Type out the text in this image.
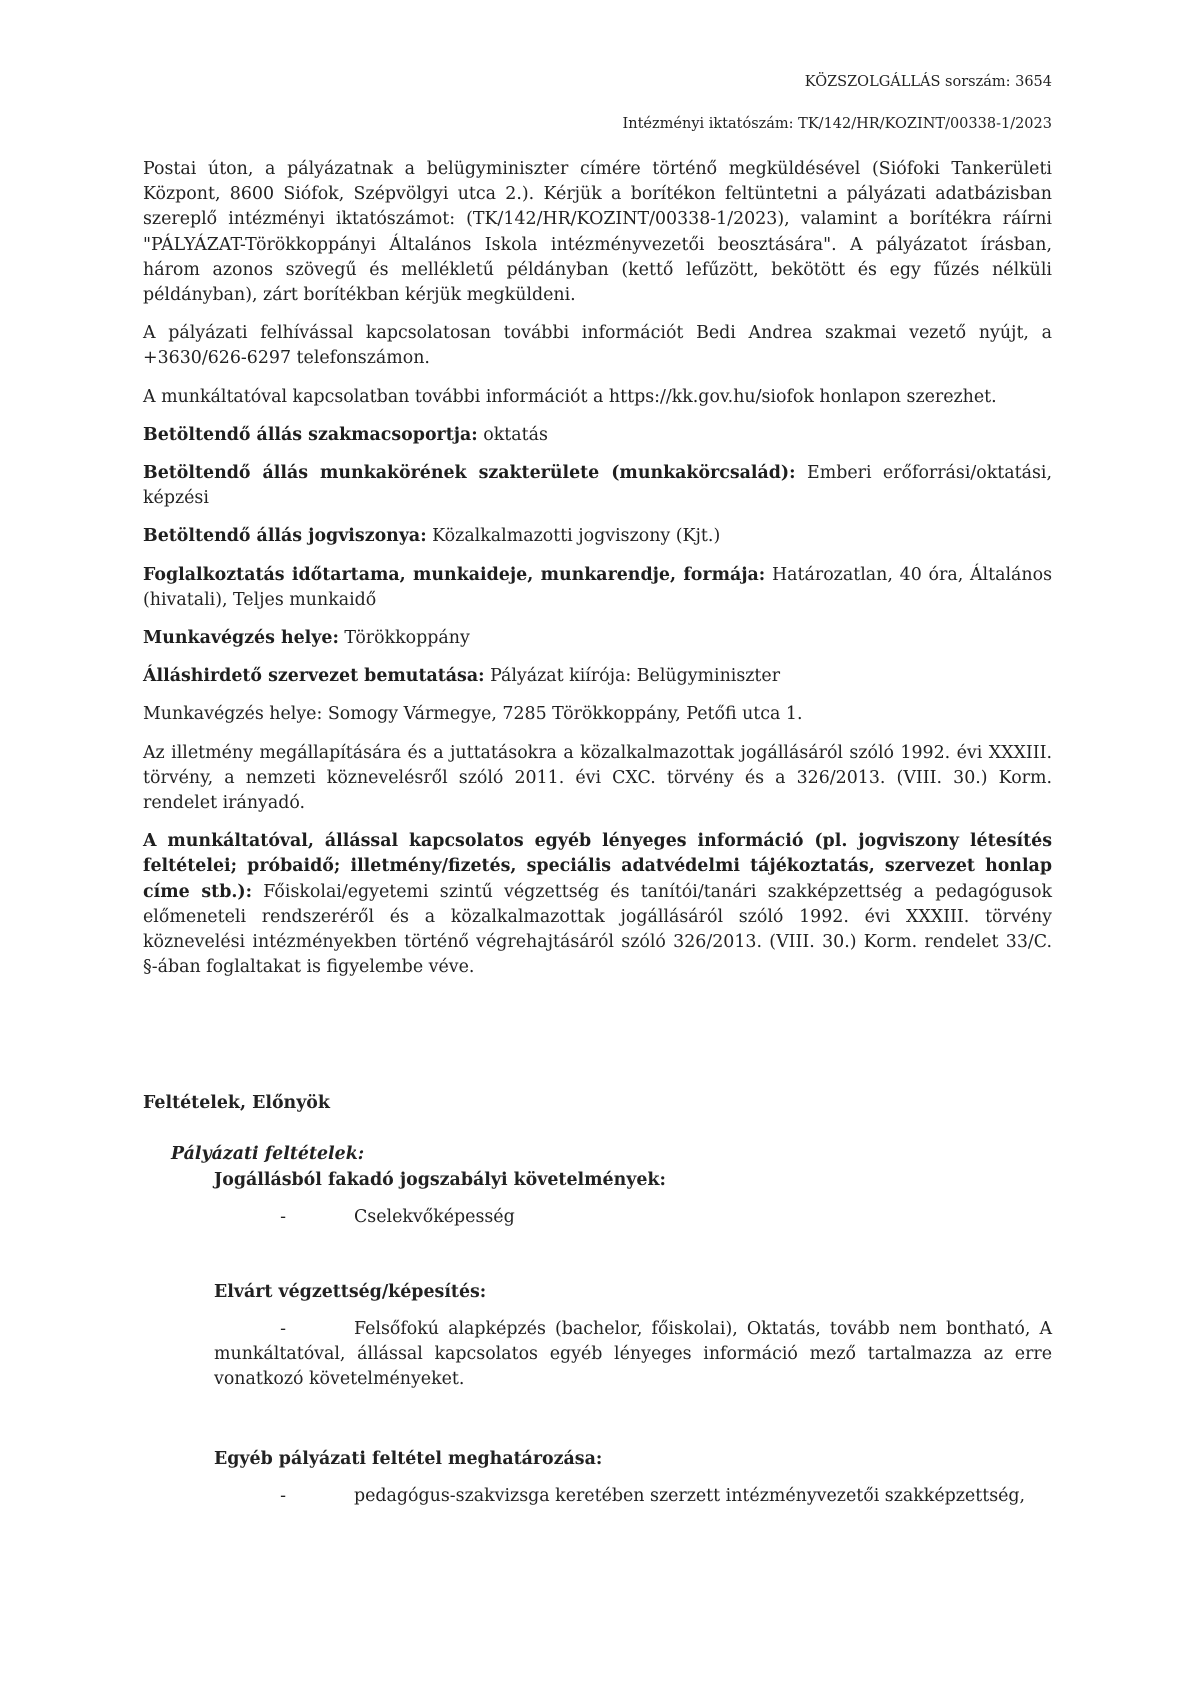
KÖZSZOLGÁLLÁS sorszám: 3654

Intézményi iktatószám: TK/142/HR/KOZINT/00338-1/2023

Postai úton, a pályázatnak a belügyminiszter címére történő megküldésével (Siófoki Tankerületi Központ, 8600 Siófok, Szépvölgyi utca 2.). Kérjük a borítékon feltüntetni a pályázati adatbázisban szereplő intézményi iktatószámot: (TK/142/HR/KOZINT/00338-1/2023), valamint a borítékra ráírni "PÁLYÁZAT-Törökkoppányi Általános Iskola intézményvezetői beosztására". A pályázatot írásban, három azonos szövegű és mellékletű példányban (kettő lefűzött, bekötött és egy fűzés nélküli példányban), zárt borítékban kérjük megküldeni.

A pályázati felhívással kapcsolatosan további információt Bedi Andrea szakmai vezető nyújt, a +3630/626-6297 telefonszámon.

A munkáltatóval kapcsolatban további információt a https://kk.gov.hu/siofok honlapon szerezhet.

Betöltendő állás szakmacsoportja: oktatás

Betöltendő állás munkakörének szakterülete (munkakörcsalád): Emberi erőforrási/oktatási, képzési

Betöltendő állás jogviszonya: Közalkalmazotti jogviszony (Kjt.)

Foglalkoztatás időtartama, munkaideje, munkarendje, formája: Határozatlan, 40 óra, Általános (hivatali), Teljes munkaidő

Munkavégzés helye: Törökkoppány

Álláshirdető szervezet bemutatása: Pályázat kiírója: Belügyminiszter

Munkavégzés helye: Somogy Vármegye, 7285 Törökkoppány, Petőfi utca 1.

Az illetmény megállapítására és a juttatásokra a közalkalmazottak jogállásáról szóló 1992. évi XXXIII. törvény, a nemzeti köznevelésről szóló 2011. évi CXC. törvény és a 326/2013. (VIII. 30.) Korm. rendelet irányadó.

A munkáltatóval, állással kapcsolatos egyéb lényeges információ (pl. jogviszony létesítés feltételei; próbaidő; illetmény/fizetés, speciális adatvédelmi tájékoztatás, szervezet honlap címe stb.): Főiskolai/egyetemi szintű végzettség és tanítói/tanári szakképzettség a pedagógusok előmeneteli rendszeréről és a közalkalmazottak jogállásáról szóló 1992. évi XXXIII. törvény köznevelési intézményekben történő végrehajtásáról szóló 326/2013. (VIII. 30.) Korm. rendelet 33/C. §-ában foglaltakat is figyelembe véve.

Feltételek, Előnyök

Pályázati feltételek:

Jogállásból fakadó jogszabályi követelmények:

-	Cselekvőképesség

Elvárt végzettség/képesítés:

-	Felsőfokú alapképzés (bachelor, főiskolai), Oktatás, tovább nem bontható, A munkáltatóval, állással kapcsolatos egyéb lényeges információ mező tartalmazza az erre vonatkozó követelményeket.

Egyéb pályázati feltétel meghatározása:

-	pedagógus-szakvizsga keretében szerzett intézményvezetői szakképzettség,
